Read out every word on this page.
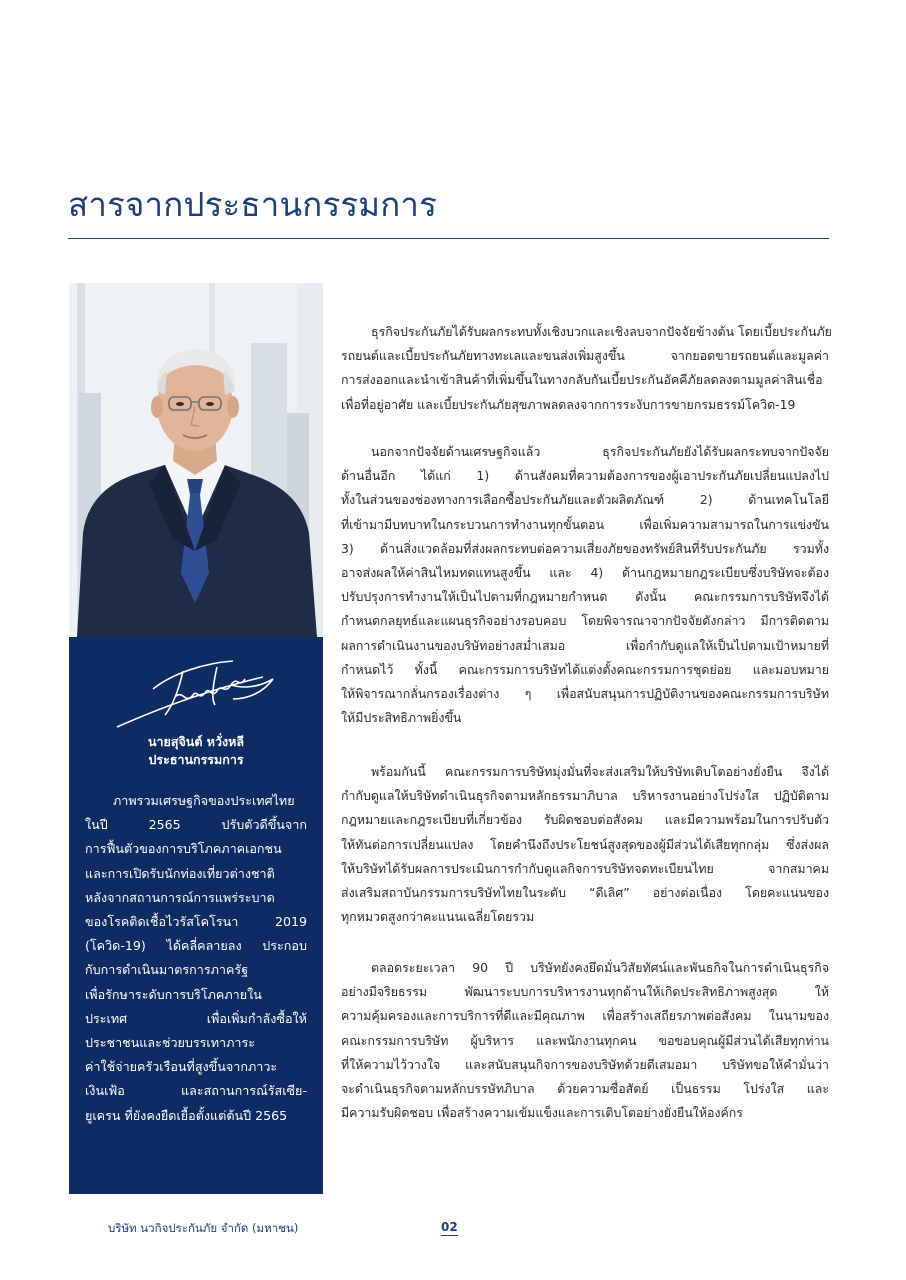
สารจากประธานกรรมการ
นายสุจินต์ หวั่งหลี
ประธานกรรมการ
ภาพรวมเศรษฐกิจของประเทศไทย
ในปี 2565 ปรับตัวดีขึ้นจาก
การฟื้นตัวของการบริโภคภาคเอกชน
และการเปิดรับนักท่องเที่ยวต่างชาติ
หลังจากสถานการณ์การแพร่ระบาด
ของโรคติดเชื้อไวรัสโคโรนา 2019
(โควิด-19) ได้คลี่คลายลง ประกอบ
กับการดำเนินมาตรการภาครัฐ
เพื่อรักษาระดับการบริโภคภายใน
ประเทศ เพื่อเพิ่มกำลังซื้อให้
ประชาชนและช่วยบรรเทาภาระ
ค่าใช้จ่ายครัวเรือนที่สูงขึ้นจากภาวะ
เงินเฟ้อ และสถานการณ์รัสเซีย-
ยูเครน ที่ยังคงยืดเยื้อตั้งแต่ต้นปี 2565
ธุรกิจประกันภัยได้รับผลกระทบทั้งเชิงบวกและเชิงลบจากปัจจัยข้างต้น โดยเบี้ยประกันภัย
รถยนต์และเบี้ยประกันภัยทางทะเลและขนส่งเพิ่มสูงขึ้น จากยอดขายรถยนต์และมูลค่า
การส่งออกและนำเข้าสินค้าที่เพิ่มขึ้นในทางกลับกันเบี้ยประกันอัคคีภัยลดลงตามมูลค่าสินเชื่อ
เพื่อที่อยู่อาศัย และเบี้ยประกันภัยสุขภาพลดลงจากการระงับการขายกรมธรรม์โควิด-19
นอกจากปัจจัยด้านเศรษฐกิจแล้ว ธุรกิจประกันภัยยังได้รับผลกระทบจากปัจจัย
ด้านอื่นอีก ได้แก่ 1) ด้านสังคมที่ความต้องการของผู้เอาประกันภัยเปลี่ยนแปลงไป
ทั้งในส่วนของช่องทางการเลือกซื้อประกันภัยและตัวผลิตภัณฑ์ 2) ด้านเทคโนโลยี
ที่เข้ามามีบทบาทในกระบวนการทำงานทุกขั้นตอน เพื่อเพิ่มความสามารถในการแข่งขัน
3) ด้านสิ่งแวดล้อมที่ส่งผลกระทบต่อความเสี่ยงภัยของทรัพย์สินที่รับประกันภัย รวมทั้ง
อาจส่งผลให้ค่าสินไหมทดแทนสูงขึ้น และ 4) ด้านกฎหมายกฎระเบียบซึ่งบริษัทจะต้อง
ปรับปรุงการทำงานให้เป็นไปตามที่กฎหมายกำหนด ดังนั้น คณะกรรมการบริษัทจึงได้
กำหนดกลยุทธ์และแผนธุรกิจอย่างรอบคอบ โดยพิจารณาจากปัจจัยดังกล่าว มีการติดตาม
ผลการดำเนินงานของบริษัทอย่างสม่ำเสมอ เพื่อกำกับดูแลให้เป็นไปตามเป้าหมายที่
กำหนดไว้ ทั้งนี้ คณะกรรมการบริษัทได้แต่งตั้งคณะกรรมการชุดย่อย และมอบหมาย
ให้พิจารณากลั่นกรองเรื่องต่าง ๆ เพื่อสนับสนุนการปฏิบัติงานของคณะกรรมการบริษัท
ให้มีประสิทธิภาพยิ่งขึ้น
พร้อมกันนี้ คณะกรรมการบริษัทมุ่งมั่นที่จะส่งเสริมให้บริษัทเติบโตอย่างยั่งยืน จึงได้
กำกับดูแลให้บริษัทดำเนินธุรกิจตามหลักธรรมาภิบาล บริหารงานอย่างโปร่งใส ปฏิบัติตาม
กฎหมายและกฎระเบียบที่เกี่ยวข้อง รับผิดชอบต่อสังคม และมีความพร้อมในการปรับตัว
ให้ทันต่อการเปลี่ยนแปลง โดยคำนึงถึงประโยชน์สูงสุดของผู้มีส่วนได้เสียทุกกลุ่ม ซึ่งส่งผล
ให้บริษัทได้รับผลการประเมินการกำกับดูแลกิจการบริษัทจดทะเบียนไทย จากสมาคม
ส่งเสริมสถาบันกรรมการบริษัทไทยในระดับ “ดีเลิศ” อย่างต่อเนื่อง โดยคะแนนของ
ทุกหมวดสูงกว่าคะแนนเฉลี่ยโดยรวม
ตลอดระยะเวลา 90 ปี บริษัทยังคงยึดมั่นวิสัยทัศน์และพันธกิจในการดำเนินธุรกิจ
อย่างมีจริยธรรม พัฒนาระบบการบริหารงานทุกด้านให้เกิดประสิทธิภาพสูงสุด ให้
ความคุ้มครองและการบริการที่ดีและมีคุณภาพ เพื่อสร้างเสถียรภาพต่อสังคม ในนามของ
คณะกรรมการบริษัท ผู้บริหาร และพนักงานทุกคน ขอขอบคุณผู้มีส่วนได้เสียทุกท่าน
ที่ให้ความไว้วางใจ และสนับสนุนกิจการของบริษัทด้วยดีเสมอมา บริษัทขอให้คำมั่นว่า
จะดำเนินธุรกิจตามหลักบรรษัทภิบาล ด้วยความซื่อสัตย์ เป็นธรรม โปร่งใส และ
มีความรับผิดชอบ เพื่อสร้างความเข้มแข็งและการเติบโตอย่างยั่งยืนให้องค์กร
บริษัท นวกิจประกันภัย จำกัด (มหาชน)	02
